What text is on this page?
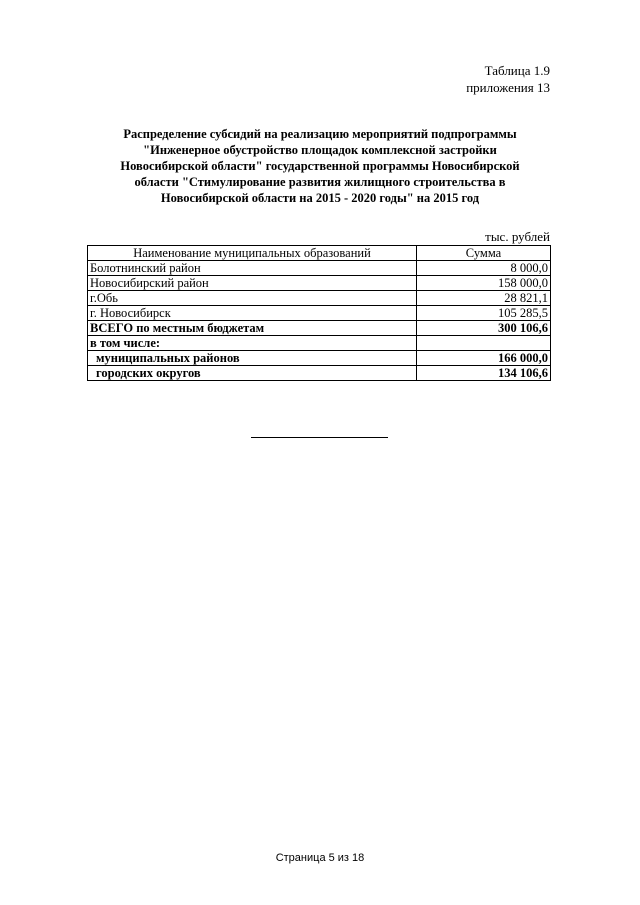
Таблица 1.9
приложения 13
Распределение субсидий на реализацию мероприятий подпрограммы
"Инженерное обустройство площадок комплексной застройки
Новосибирской области" государственной программы Новосибирской
области "Стимулирование развития жилищного строительства в
Новосибирской области на 2015 - 2020 годы" на 2015 год
тыс. рублей
Наименование муниципальных образований	Сумма
Болотнинский район	8 000,0
Новосибирский район	158 000,0
г.Обь	28 821,1
г. Новосибирск	105 285,5
ВСЕГО по местным бюджетам	300 106,6
в том числе:	
муниципальных районов	166 000,0
городских округов	134 106,6
Страница 5 из 18
